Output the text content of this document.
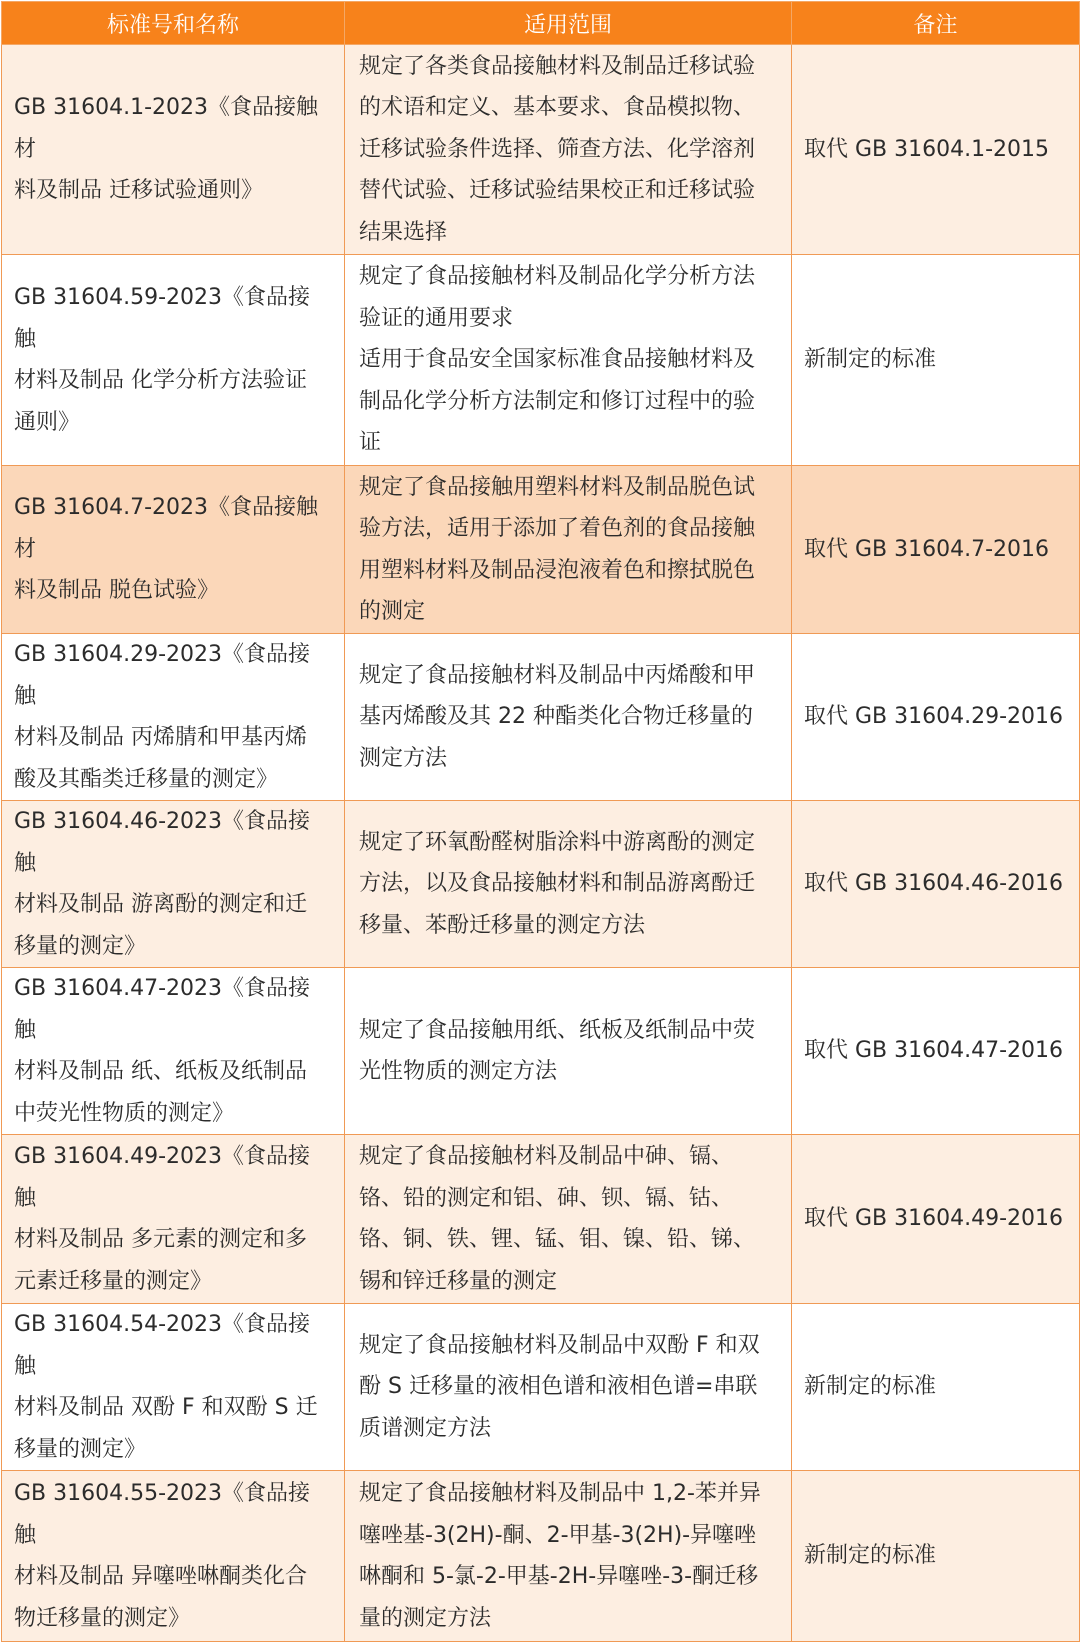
标准号和名称	适用范围	备注
GB 31604.1-2023《食品接触材
料及制品 迁移试验通则》	规定了各类食品接触材料及制品迁移试验
的术语和定义、基本要求、食品模拟物、
迁移试验条件选择、筛查方法、化学溶剂
替代试验、迁移试验结果校正和迁移试验
结果选择	取代 GB 31604.1-2015
GB 31604.59-2023《食品接触
材料及制品 化学分析方法验证
通则》	规定了食品接触材料及制品化学分析方法
验证的通用要求
适用于食品安全国家标准食品接触材料及
制品化学分析方法制定和修订过程中的验
证	新制定的标准
GB 31604.7-2023《食品接触材
料及制品 脱色试验》	规定了食品接触用塑料材料及制品脱色试
验方法，适用于添加了着色剂的食品接触
用塑料材料及制品浸泡液着色和擦拭脱色
的测定	取代 GB 31604.7-2016
GB 31604.29-2023《食品接触
材料及制品 丙烯腈和甲基丙烯
酸及其酯类迁移量的测定》	规定了食品接触材料及制品中丙烯酸和甲
基丙烯酸及其 22 种酯类化合物迁移量的
测定方法	取代 GB 31604.29-2016
GB 31604.46-2023《食品接触
材料及制品 游离酚的测定和迁
移量的测定》	规定了环氧酚醛树脂涂料中游离酚的测定
方法，以及食品接触材料和制品游离酚迁
移量、苯酚迁移量的测定方法	取代 GB 31604.46-2016
GB 31604.47-2023《食品接触
材料及制品 纸、纸板及纸制品
中荧光性物质的测定》	规定了食品接触用纸、纸板及纸制品中荧
光性物质的测定方法	取代 GB 31604.47-2016
GB 31604.49-2023《食品接触
材料及制品 多元素的测定和多
元素迁移量的测定》	规定了食品接触材料及制品中砷、镉、
铬、铅的测定和铝、砷、钡、镉、钴、
铬、铜、铁、锂、锰、钼、镍、铅、锑、
锡和锌迁移量的测定	取代 GB 31604.49-2016
GB 31604.54-2023《食品接触
材料及制品 双酚 F 和双酚 S 迁
移量的测定》	规定了食品接触材料及制品中双酚 F 和双
酚 S 迁移量的液相色谱和液相色谱=串联
质谱测定方法	新制定的标准
GB 31604.55-2023《食品接触
材料及制品 异噻唑啉酮类化合
物迁移量的测定》	规定了食品接触材料及制品中 1,2-苯并异
噻唑基-3(2H)-酮、2-甲基-3(2H)-异噻唑
啉酮和 5-氯-2-甲基-2H-异噻唑-3-酮迁移
量的测定方法	新制定的标准
